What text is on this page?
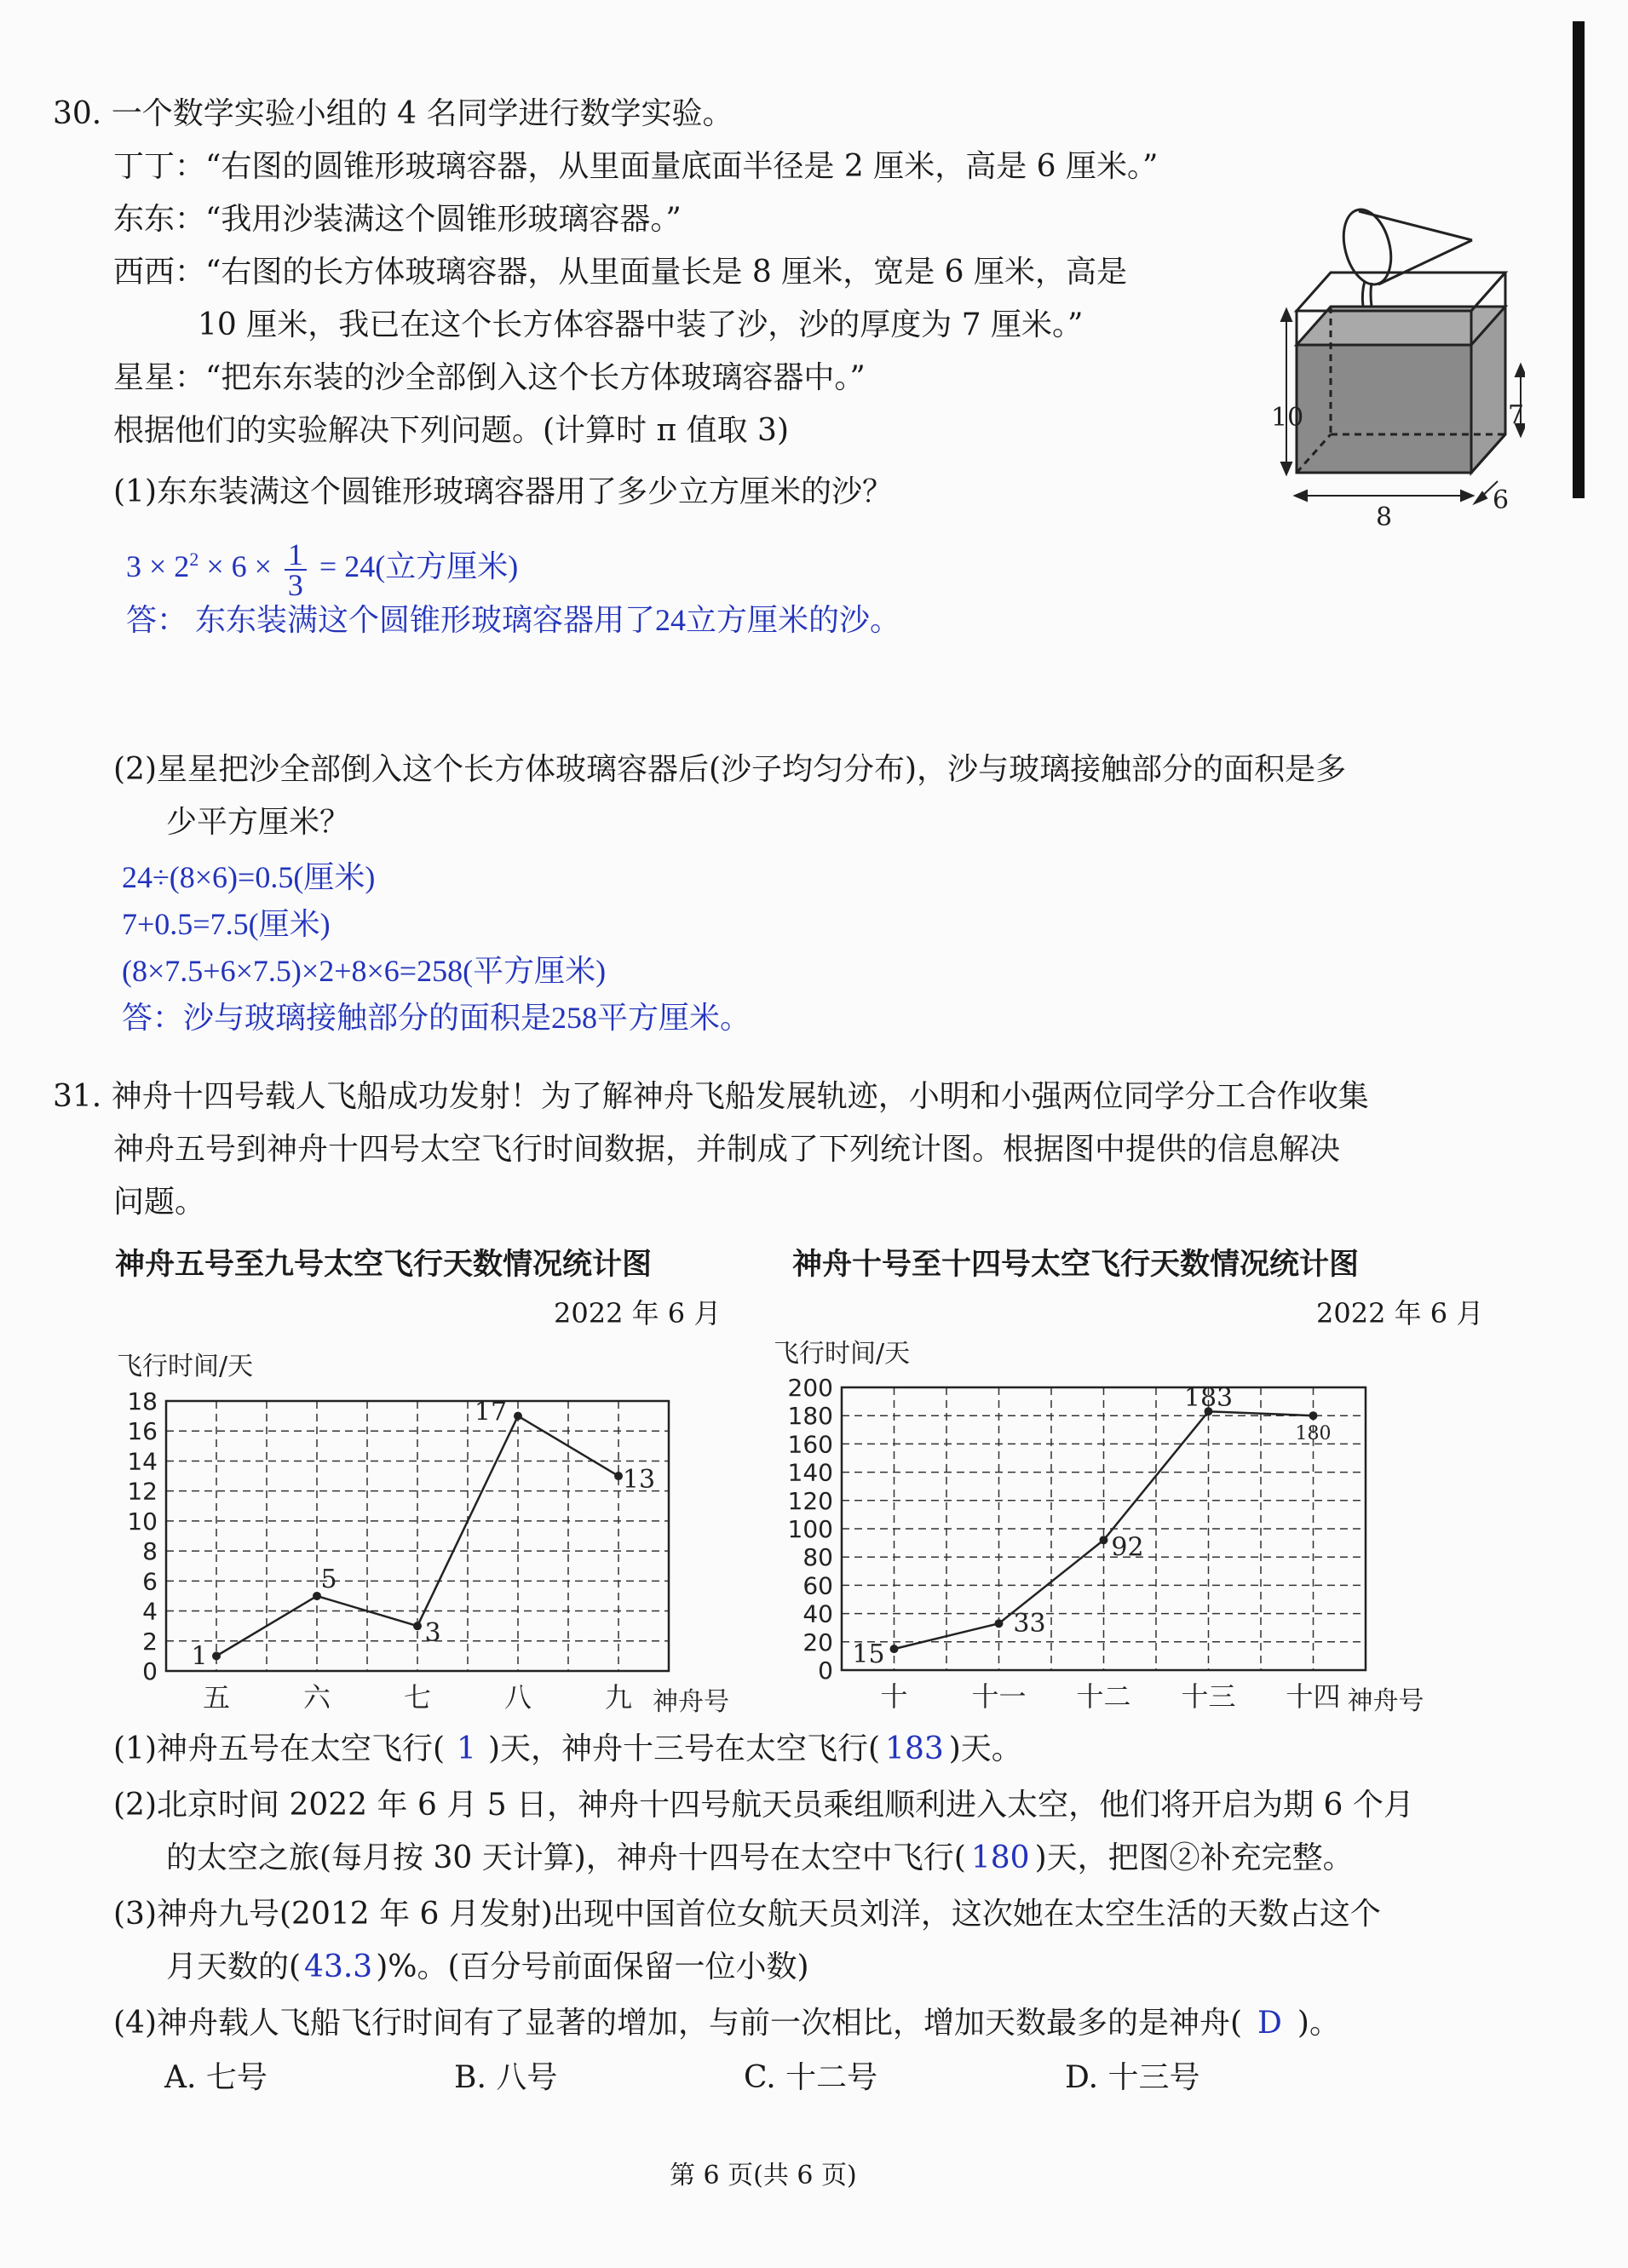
30. 一个数学实验小组的 4 名同学进行数学实验。
丁丁：“右图的圆锥形玻璃容器，从里面量底面半径是 2 厘米，高是 6 厘米。”
东东：“我用沙装满这个圆锥形玻璃容器。”
西西：“右图的长方体玻璃容器，从里面量长是 8 厘米，宽是 6 厘米，高是
10 厘米，我已在这个长方体容器中装了沙，沙的厚度为 7 厘米。”
星星：“把东东装的沙全部倒入这个长方体玻璃容器中。”
根据他们的实验解决下列问题。(计算时 π 值取 3)
(1)东东装满这个圆锥形玻璃容器用了多少立方厘米的沙？
$3 \times 2^2 \times 6 \times \frac{1}{3} = 24$(立方厘米)
答： 东东装满这个圆锥形玻璃容器用了24立方厘米的沙。
(2)星星把沙全部倒入这个长方体玻璃容器后(沙子均匀分布)，沙与玻璃接触部分的面积是多
少平方厘米？
24÷(8×6)=0.5(厘米)
7+0.5=7.5(厘米)
(8×7.5+6×7.5)×2+8×6=258(平方厘米)
答：沙与玻璃接触部分的面积是258平方厘米。
10	7
8
6
31. 神舟十四号载人飞船成功发射！为了解神舟飞船发展轨迹，小明和小强两位同学分工合作收集
神舟五号到神舟十四号太空飞行时间数据，并制成了下列统计图。根据图中提供的信息解决
问题。
神舟五号至九号太空飞行天数情况统计图	神舟十号至十四号太空飞行天数情况统计图
2022 年 6 月	2022 年 6 月
0
2
4
6
8
10
12
14
16
18
飞行时间/天
五	六	七	八	九 神舟号
1
5
3
17
13
0
20
40
60
80
100
120
140
160
180
200
飞行时间/天
十 十一 十二 十三 十四 神舟号
15
33
92
183
180
(1)神舟五号在太空飞行( 1 )天，神舟十三号在太空飞行( 183 )天。
(2)北京时间 2022 年 6 月 5 日，神舟十四号航天员乘组顺利进入太空，他们将开启为期 6 个月
的太空之旅(每月按 30 天计算)，神舟十四号在太空中飞行( 180 )天，把图②补充完整。
(3)神舟九号(2012 年 6 月发射)出现中国首位女航天员刘洋，这次她在太空生活的天数占这个
月天数的( 43.3 )%。(百分号前面保留一位小数)
(4)神舟载人飞船飞行时间有了显著的增加，与前一次相比，增加天数最多的是神舟( D )。
A. 七号	B. 八号	C. 十二号	D. 十三号
第 6 页(共 6 页)
